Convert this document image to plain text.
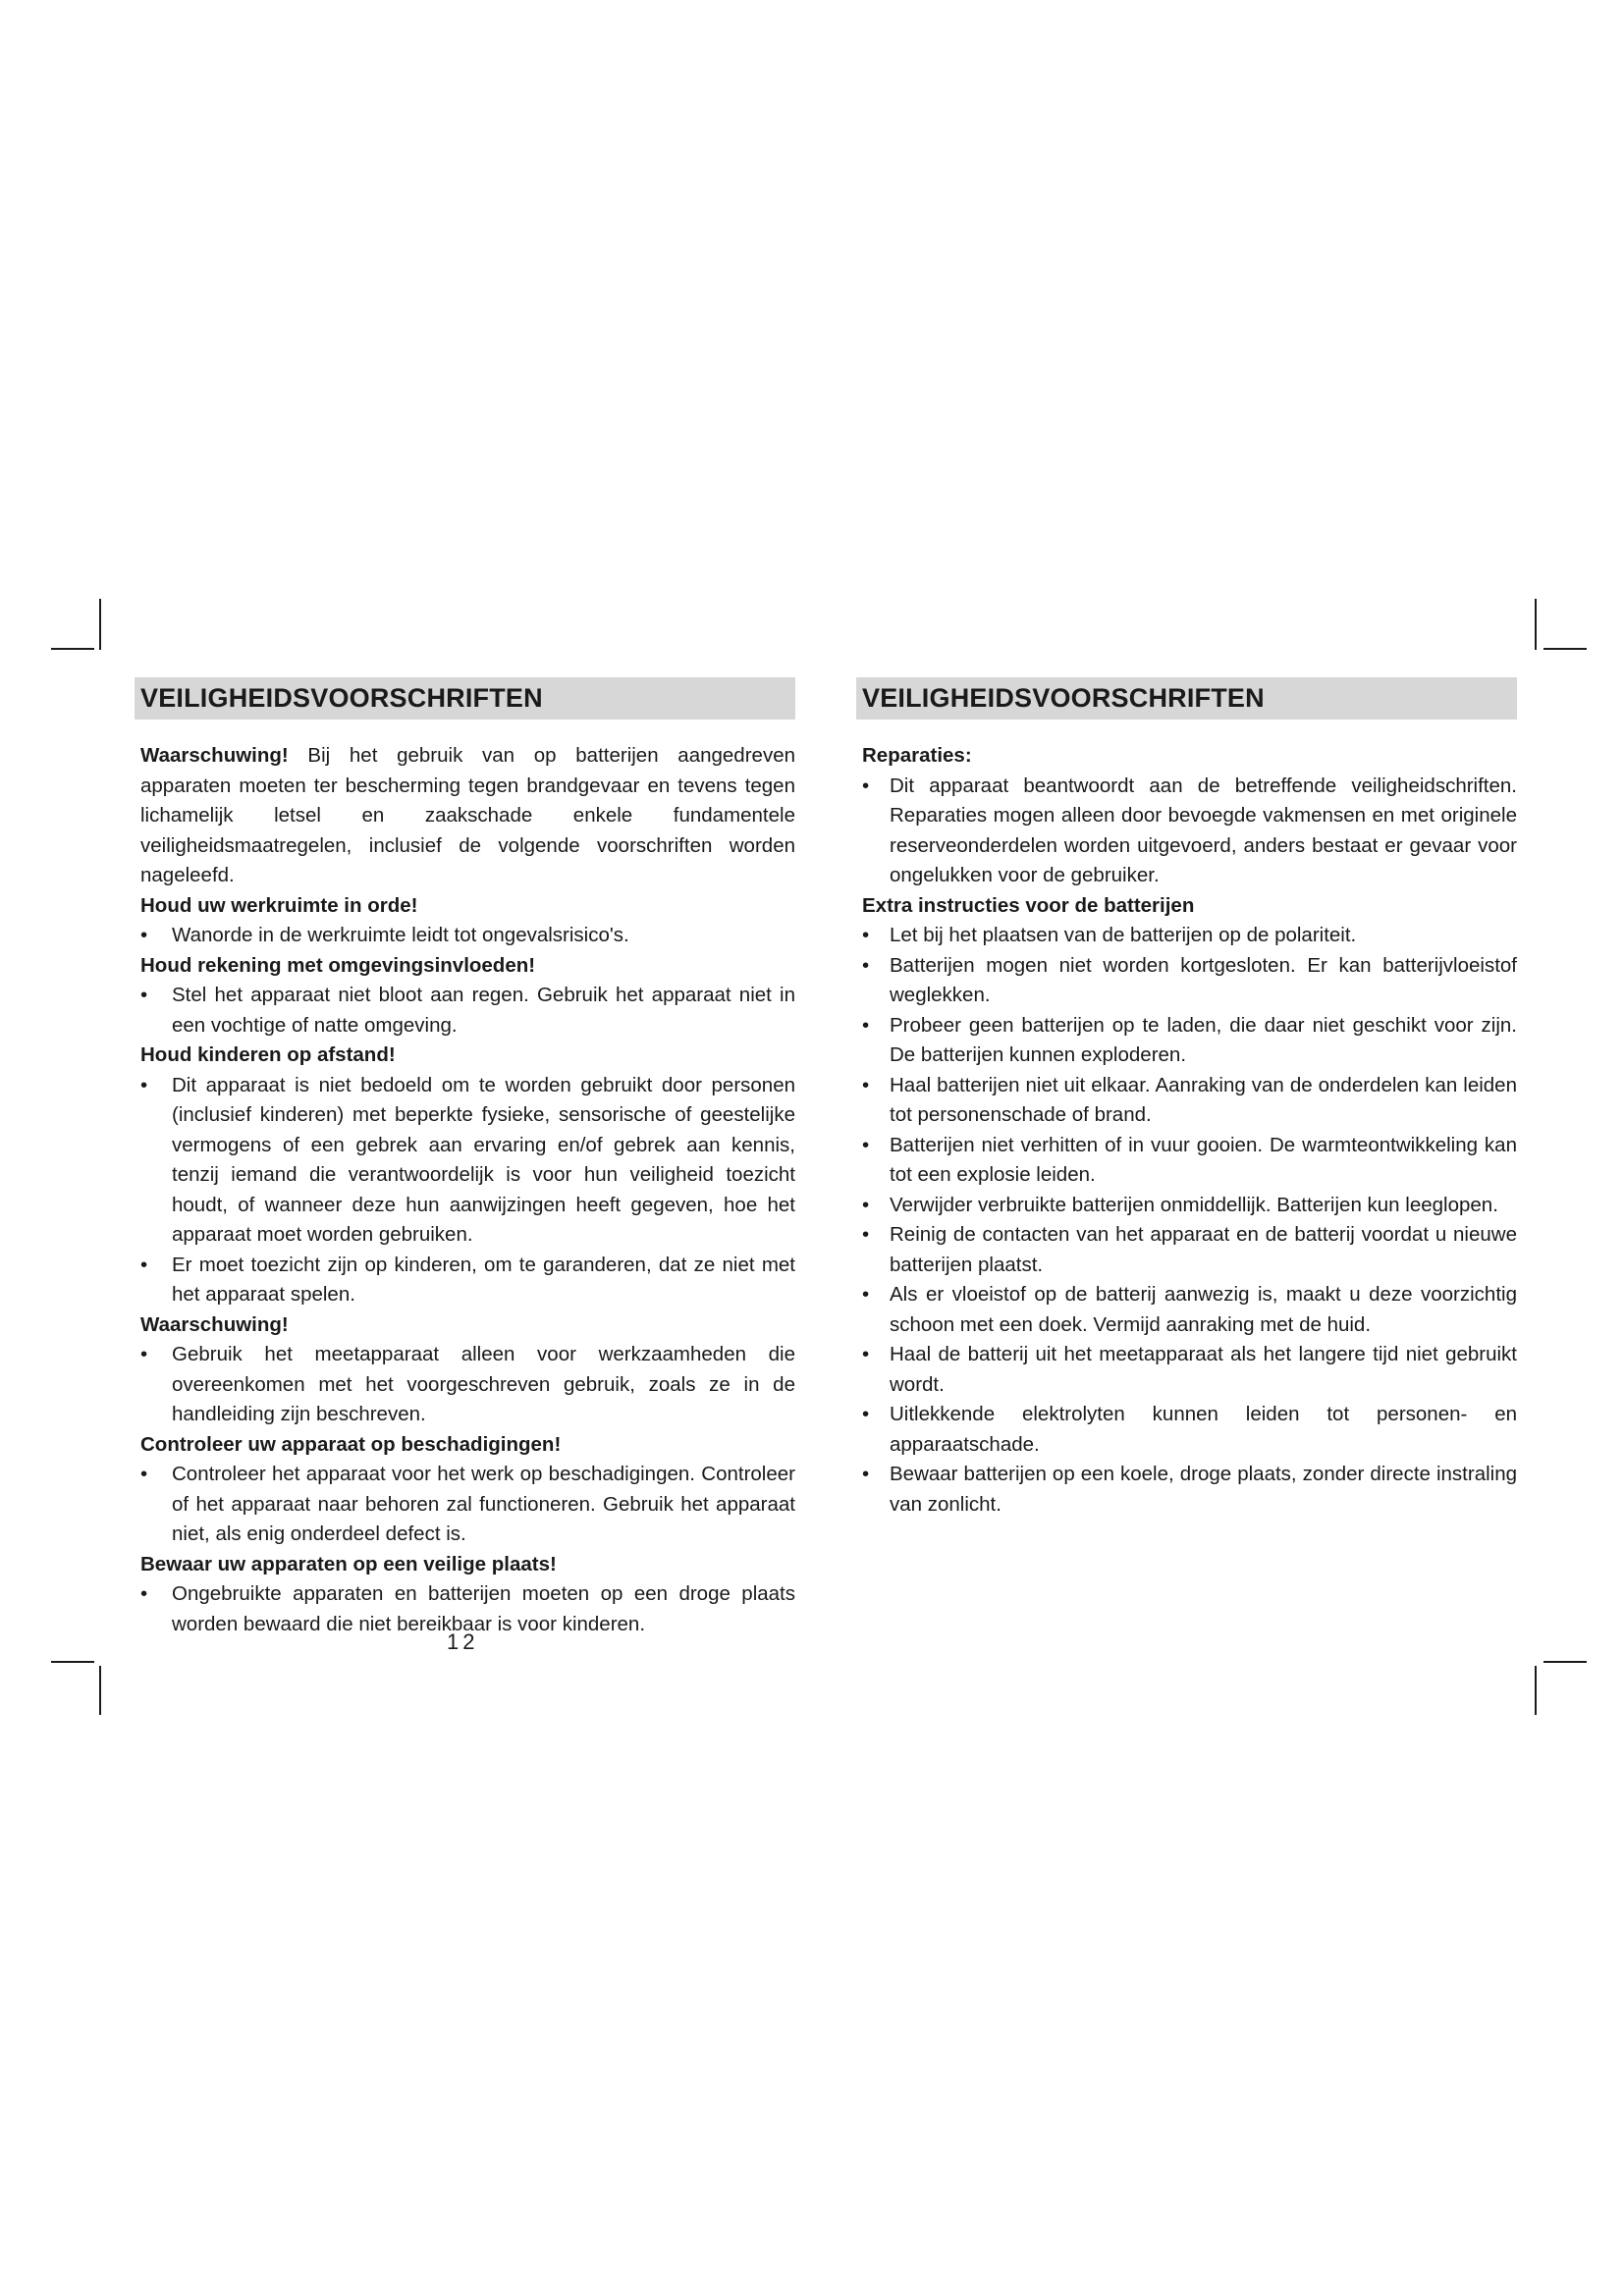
VEILIGHEIDSVOORSCHRIFTEN
Waarschuwing! Bij het gebruik van op batterijen aangedreven apparaten moeten ter bescherming tegen brandgevaar en tevens tegen lichamelijk letsel en zaakschade enkele fundamentele veiligheidsmaatregelen, inclusief de volgende voorschriften worden nageleefd.
Houd uw werkruimte in orde!
• Wanorde in de werkruimte leidt tot ongevalsrisico's.
Houd rekening met omgevingsinvloeden!
• Stel het apparaat niet bloot aan regen. Gebruik het apparaat niet in een vochtige of natte omgeving.
Houd kinderen op afstand!
• Dit apparaat is niet bedoeld om te worden gebruikt door personen (inclusief kinderen) met beperkte fysieke, sensorische of geestelijke vermogens of een gebrek aan ervaring en/of gebrek aan kennis, tenzij iemand die verantwoordelijk is voor hun veiligheid toezicht houdt, of wanneer deze hun aanwijzingen heeft gegeven, hoe het apparaat moet worden gebruiken.
• Er moet toezicht zijn op kinderen, om te garanderen, dat ze niet met het apparaat spelen.
Waarschuwing!
• Gebruik het meetapparaat alleen voor werkzaamheden die overeenkomen met het voorgeschreven gebruik, zoals ze in de handleiding zijn beschreven.
Controleer uw apparaat op beschadigingen!
• Controleer het apparaat voor het werk op beschadigingen. Controleer of het apparaat naar behoren zal functioneren. Gebruik het apparaat niet, als enig onderdeel defect is.
Bewaar uw apparaten op een veilige plaats!
• Ongebruikte apparaten en batterijen moeten op een droge plaats worden bewaard die niet bereikbaar is voor kinderen.
VEILIGHEIDSVOORSCHRIFTEN
Reparaties:
• Dit apparaat beantwoordt aan de betreffende veiligheidschriften. Reparaties mogen alleen door bevoegde vakmensen en met originele reserveonderdelen worden uitgevoerd, anders bestaat er gevaar voor ongelukken voor de gebruiker.
Extra instructies voor de batterijen
• Let bij het plaatsen van de batterijen op de polariteit.
• Batterijen mogen niet worden kortgesloten. Er kan batterijvloeistof weglekken.
• Probeer geen batterijen op te laden, die daar niet geschikt voor zijn. De batterijen kunnen exploderen.
• Haal batterijen niet uit elkaar. Aanraking van de onderdelen kan leiden tot personenschade of brand.
• Batterijen niet verhitten of in vuur gooien. De warmteontwikkeling kan tot een explosie leiden.
• Verwijder verbruikte batterijen onmiddellijk. Batterijen kun leeglopen.
• Reinig de contacten van het apparaat en de batterij voordat u nieuwe batterijen plaatst.
• Als er vloeistof op de batterij aanwezig is, maakt u deze voorzichtig schoon met een doek. Vermijd aanraking met de huid.
• Haal de batterij uit het meetapparaat als het langere tijd niet gebruikt wordt.
• Uitlekkende elektrolyten kunnen leiden tot personen- en apparaatschade.
• Bewaar batterijen op een koele, droge plaats, zonder directe instraling van zonlicht.
12
